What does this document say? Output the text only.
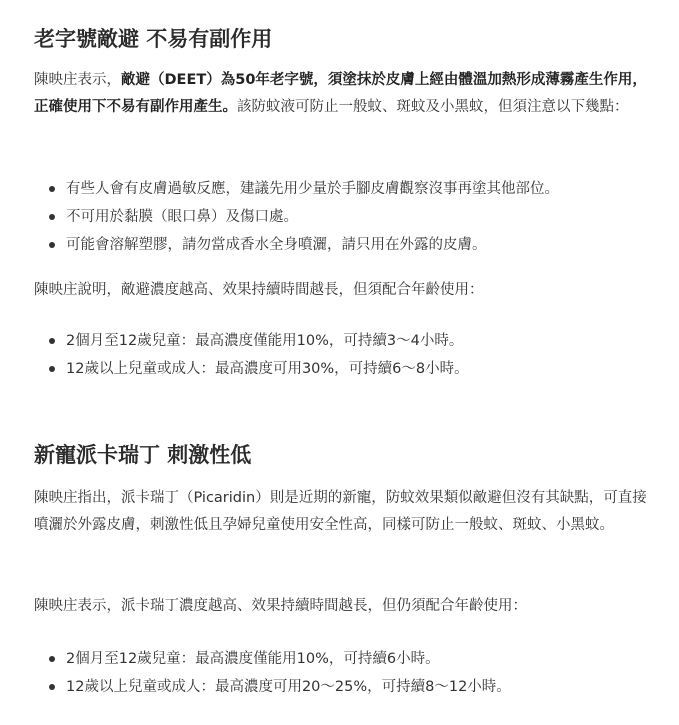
老字號敵避 不易有副作用

陳映庄表示，敵避（DEET）為50年老字號，須塗抹於皮膚上經由體溫加熱形成薄霧產生作用，正確使用下不易有副作用產生。該防蚊液可防止一般蚊、斑蚊及小黑蚊，但須注意以下幾點：

有些人會有皮膚過敏反應，建議先用少量於手腳皮膚觀察沒事再塗其他部位。
不可用於黏膜（眼口鼻）及傷口處。
可能會溶解塑膠，請勿當成香水全身噴灑，請只用在外露的皮膚。

陳映庄說明，敵避濃度越高、效果持續時間越長，但須配合年齡使用：

2個月至12歲兒童：最高濃度僅能用10%，可持續3～4小時。
12歲以上兒童或成人：最高濃度可用30%，可持續6～8小時。
新寵派卡瑞丁 刺激性低

陳映庄指出，派卡瑞丁（Picaridin）則是近期的新寵，防蚊效果類似敵避但沒有其缺點，可直接噴灑於外露皮膚，刺激性低且孕婦兒童使用安全性高，同樣可防止一般蚊、斑蚊、小黑蚊。

陳映庄表示，派卡瑞丁濃度越高、效果持續時間越長，但仍須配合年齡使用：

2個月至12歲兒童：最高濃度僅能用10%，可持續6小時。
12歲以上兒童或成人：最高濃度可用20～25%，可持續8～12小時。
